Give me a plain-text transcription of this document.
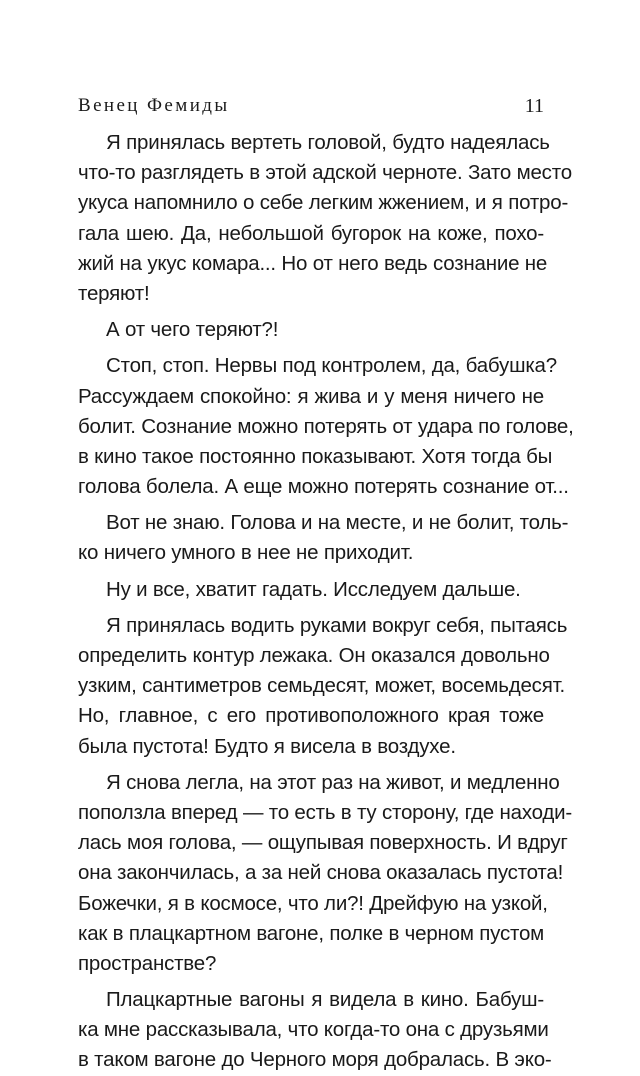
Венец Фемиды	11
Я принялась вертеть головой, будто надеялась
что-то разглядеть в этой адской черноте. Зато место
укуса напомнило о себе легким жжением, и я потро-
гала шею. Да, небольшой бугорок на коже, похо-
жий на укус комара... Но от него ведь сознание не
теряют!
А от чего теряют?!
Стоп, стоп. Нервы под контролем, да, бабушка?
Рассуждаем спокойно: я жива и у меня ничего не
болит. Сознание можно потерять от удара по голове,
в кино такое постоянно показывают. Хотя тогда бы
голова болела. А еще можно потерять сознание от...
Вот не знаю. Голова и на месте, и не болит, толь-
ко ничего умного в нее не приходит.
Ну и все, хватит гадать. Исследуем дальше.
Я принялась водить руками вокруг себя, пытаясь
определить контур лежака. Он оказался довольно
узким, сантиметров семьдесят, может, восемьдесят.
Но, главное, с его противоположного края тоже
была пустота! Будто я висела в воздухе.
Я снова легла, на этот раз на живот, и медленно
поползла вперед — то есть в ту сторону, где находи-
лась моя голова, — ощупывая поверхность. И вдруг
она закончилась, а за ней снова оказалась пустота!
Божечки, я в космосе, что ли?! Дрейфую на узкой,
как в плацкартном вагоне, полке в черном пустом
пространстве?
Плацкартные вагоны я видела в кино. Бабуш-
ка мне рассказывала, что когда-то она с друзьями
в таком вагоне до Черного моря добралась. В эко-
